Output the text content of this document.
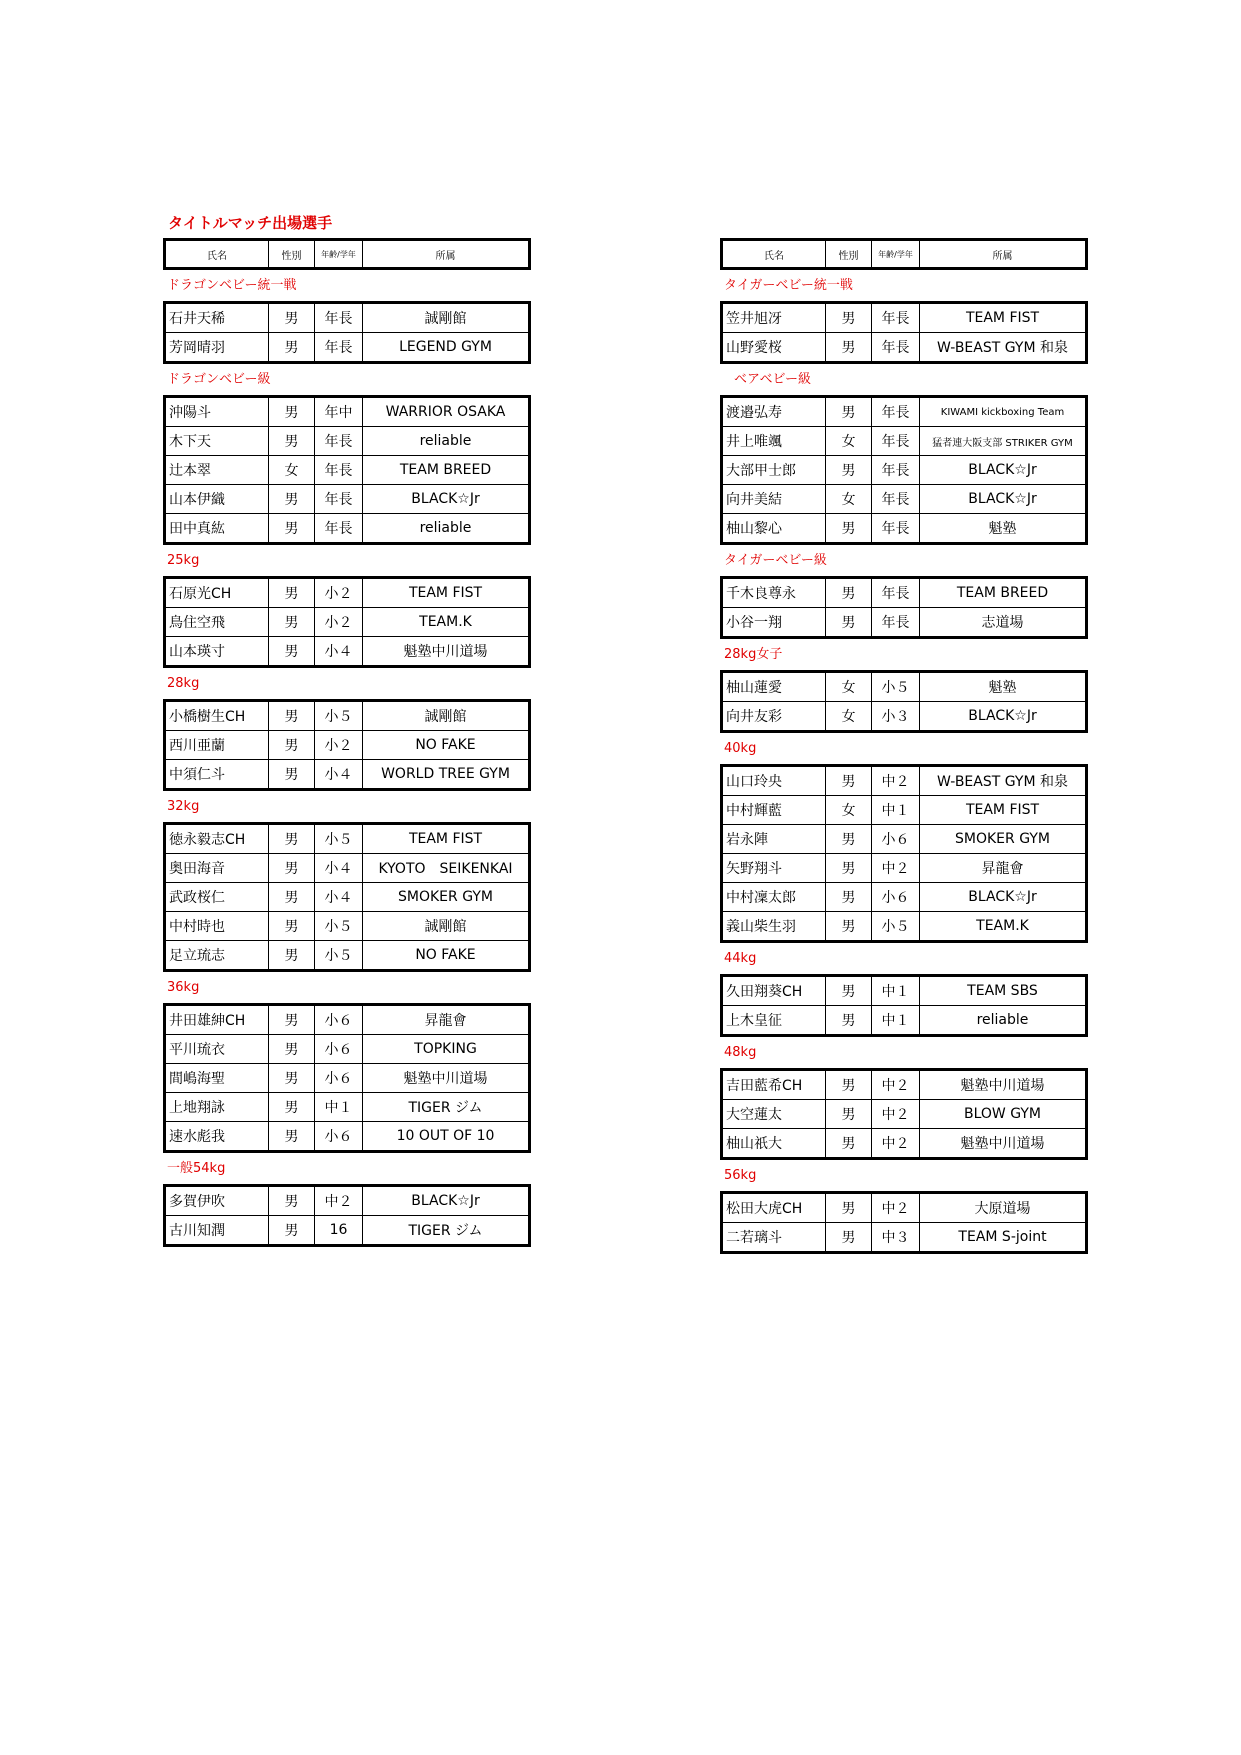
タイトルマッチ出場選手
氏名	性別	年齢/学年	所属
ドラゴンベビー統一戦
石井天稀	男	年長	誠剛館
芳岡晴羽	男	年長	LEGEND GYM
ドラゴンベビー級
沖陽斗	男	年中	WARRIOR OSAKA
木下天	男	年長	reliable
辻本翠	女	年長	TEAM BREED
山本伊織	男	年長	BLACK☆Jr
田中真紘	男	年長	reliable
25kg
石原光CH	男	小２	TEAM FIST
鳥住空飛	男	小２	TEAM.K
山本瑛寸	男	小４	魁塾中川道場
28kg
小橋樹生CH	男	小５	誠剛館
西川亜蘭	男	小２	NO FAKE
中須仁斗	男	小４	WORLD TREE GYM
32kg
徳永毅志CH	男	小５	TEAM FIST
奥田海音	男	小４	KYOTO　SEIKENKAI
武政桜仁	男	小４	SMOKER GYM
中村時也	男	小５	誠剛館
足立琉志	男	小５	NO FAKE
36kg
井田雄紳CH	男	小６	昇龍會
平川琉衣	男	小６	TOPKING
間嶋海聖	男	小６	魁塾中川道場
上地翔詠	男	中１	TIGER ジム
速水彪我	男	小６	10 OUT OF 10
一般54kg
多賀伊吹	男	中２	BLACK☆Jr
古川知潤	男	16	TIGER ジム
氏名	性別	年齢/学年	所属
タイガーベビー統一戦
笠井旭冴	男	年長	TEAM FIST
山野愛桜	男	年長	W-BEAST GYM 和泉
ベアベビー級
渡邉弘寿	男	年長	KIWAMI kickboxing Team
井上唯颯	女	年長	猛者連大阪支部 STRIKER GYM
大部甲士郎	男	年長	BLACK☆Jr
向井美結	女	年長	BLACK☆Jr
柚山黎心	男	年長	魁塾
タイガーベビー級
千木良尊永	男	年長	TEAM BREED
小谷一翔	男	年長	志道場
28kg女子
柚山蓮愛	女	小５	魁塾
向井友彩	女	小３	BLACK☆Jr
40kg
山口玲央	男	中２	W-BEAST GYM 和泉
中村輝藍	女	中１	TEAM FIST
岩永陣	男	小６	SMOKER GYM
矢野翔斗	男	中２	昇龍會
中村凜太郎	男	小６	BLACK☆Jr
義山柴生羽	男	小５	TEAM.K
44kg
久田翔葵CH	男	中１	TEAM SBS
上木皇征	男	中１	reliable
48kg
吉田藍希CH	男	中２	魁塾中川道場
大空蓮太	男	中２	BLOW GYM
柚山祇大	男	中２	魁塾中川道場
56kg
松田大虎CH	男	中２	大原道場
二若璃斗	男	中３	TEAM S-joint
